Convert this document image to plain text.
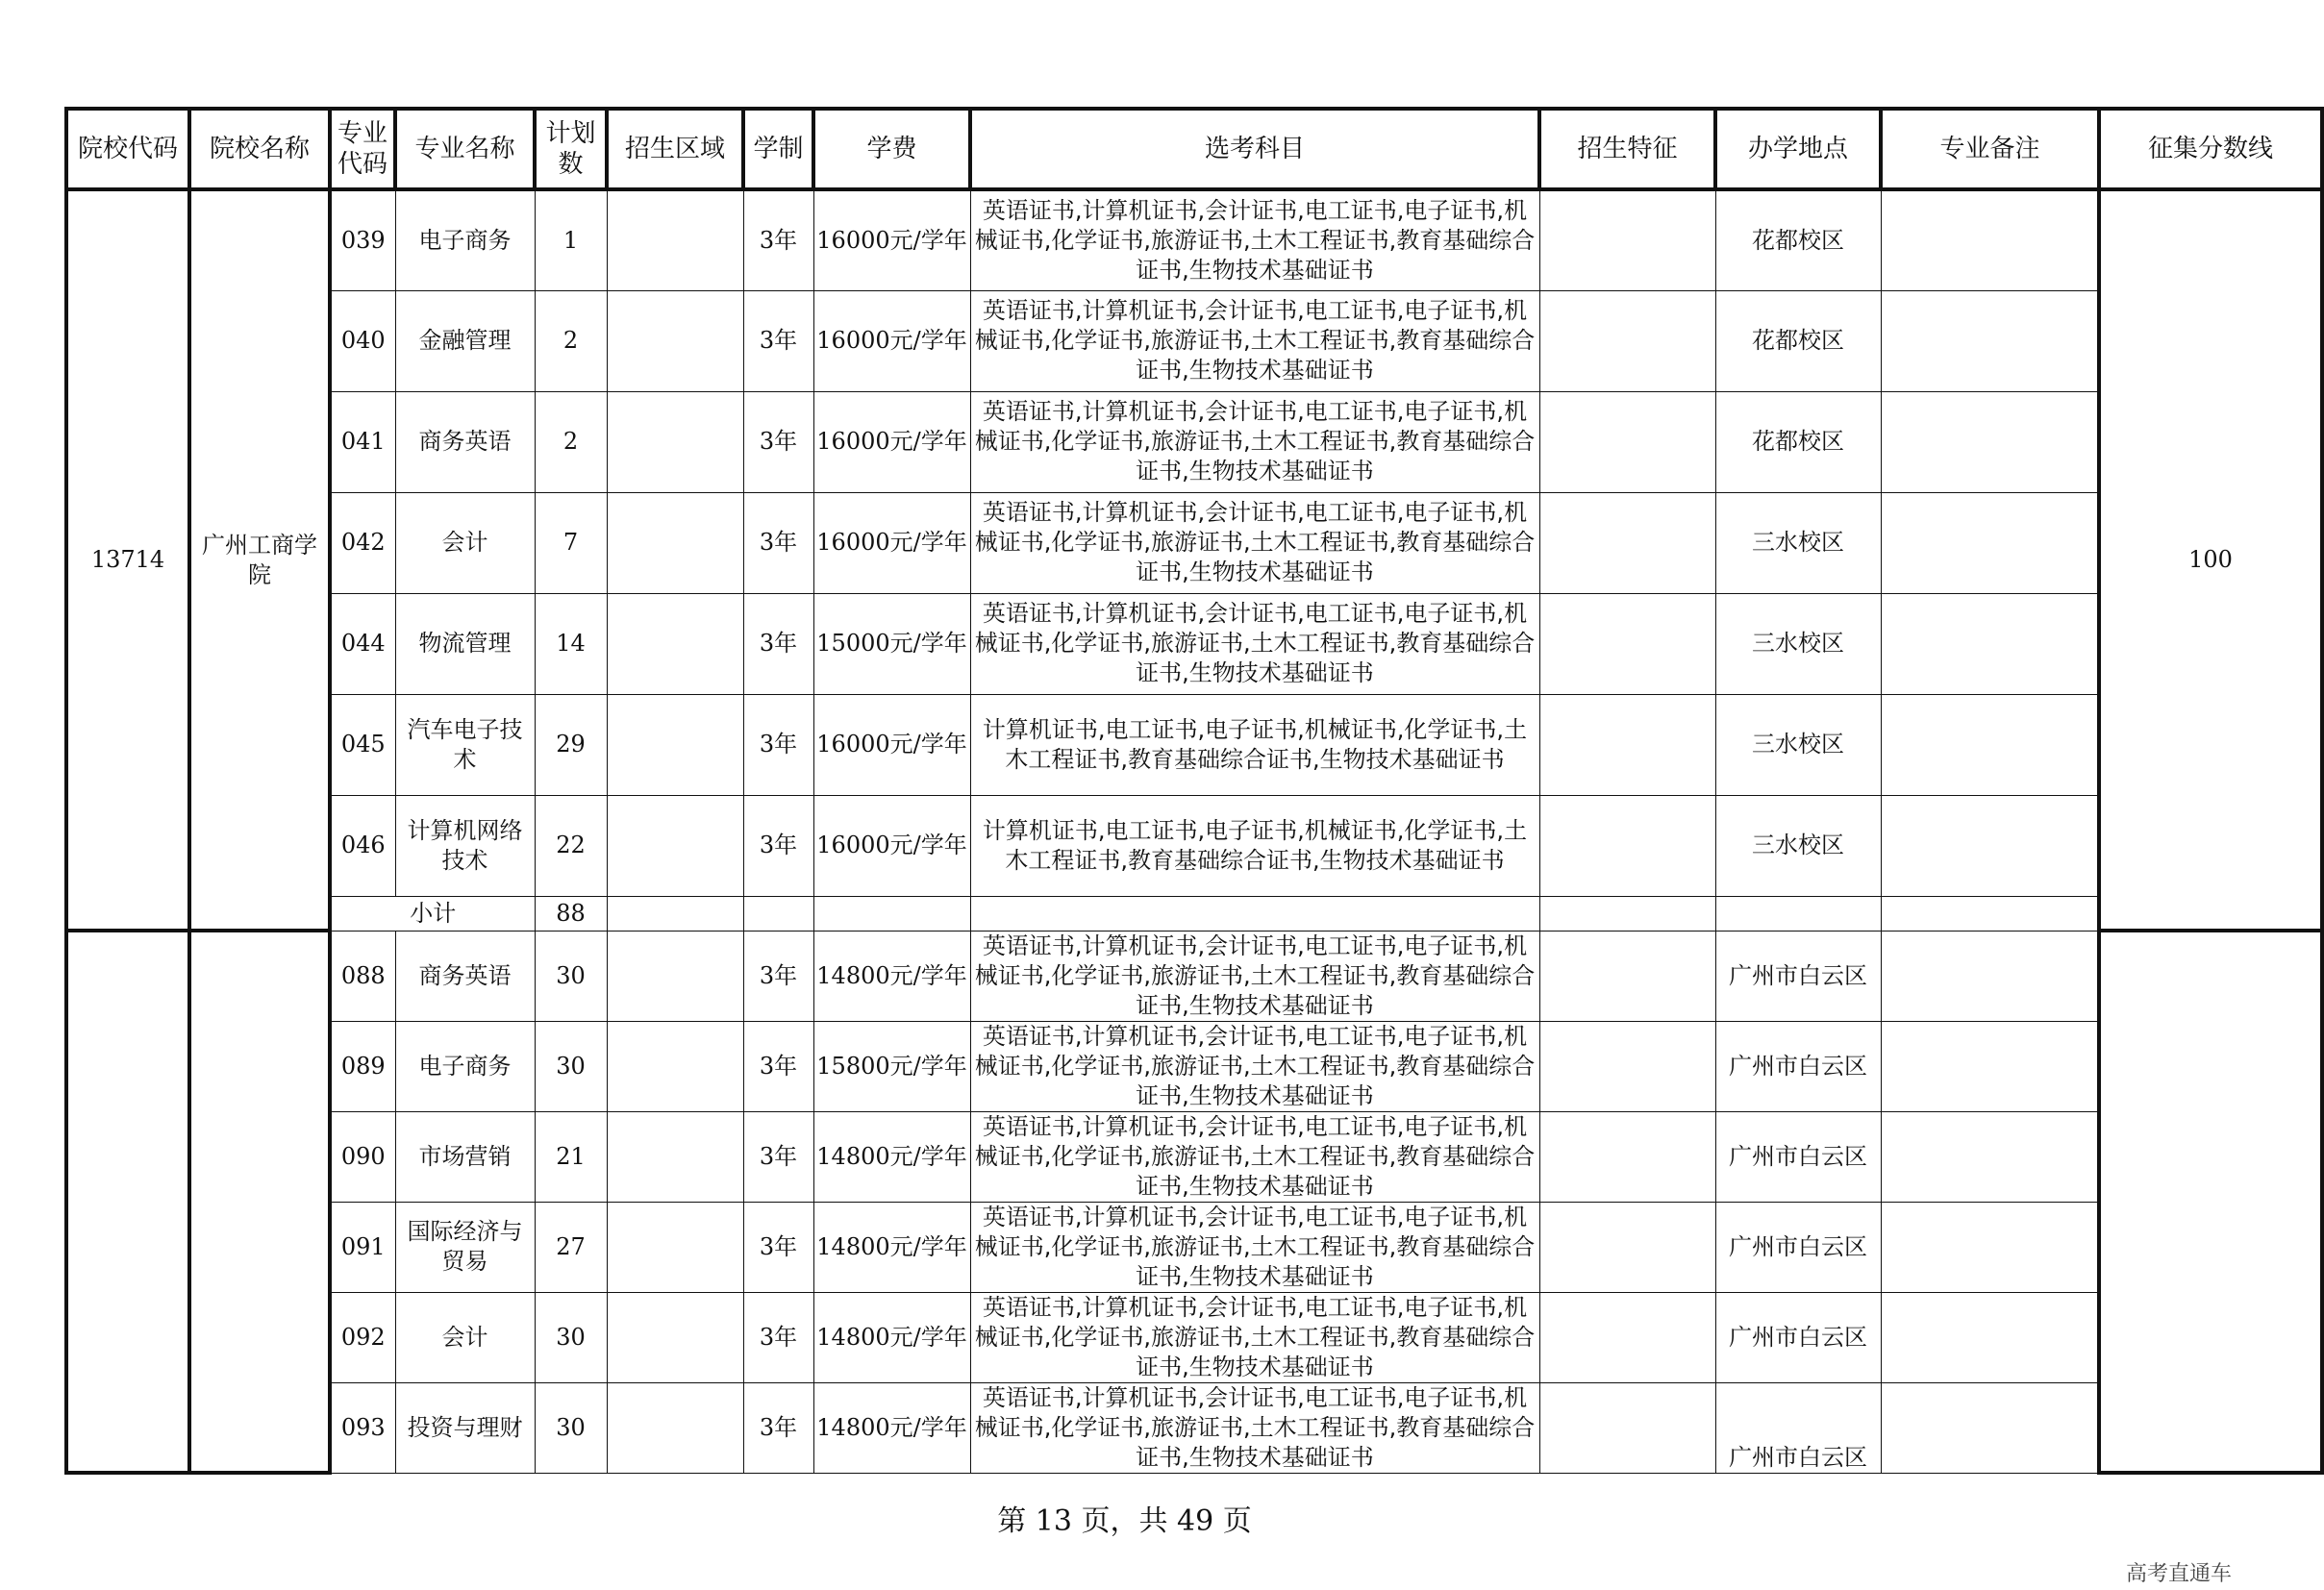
院校代码	院校名称	专业代码	专业名称	计划数	招生区域	学制	学费	选考科目	招生特征	办学地点	专业备注	征集分数线
13714	广州工商学院	039	电子商务	1		3年	16000元/学年	英语证书,计算机证书,会计证书,电工证书,电子证书,机械证书,化学证书,旅游证书,土木工程证书,教育基础综合证书,生物技术基础证书		花都校区		100
		040	金融管理	2		3年	16000元/学年	英语证书,计算机证书,会计证书,电工证书,电子证书,机械证书,化学证书,旅游证书,土木工程证书,教育基础综合证书,生物技术基础证书		花都校区		
		041	商务英语	2		3年	16000元/学年	英语证书,计算机证书,会计证书,电工证书,电子证书,机械证书,化学证书,旅游证书,土木工程证书,教育基础综合证书,生物技术基础证书		花都校区		
		042	会计	7		3年	16000元/学年	英语证书,计算机证书,会计证书,电工证书,电子证书,机械证书,化学证书,旅游证书,土木工程证书,教育基础综合证书,生物技术基础证书		三水校区		
		044	物流管理	14		3年	15000元/学年	英语证书,计算机证书,会计证书,电工证书,电子证书,机械证书,化学证书,旅游证书,土木工程证书,教育基础综合证书,生物技术基础证书		三水校区		
		045	汽车电子技术	29		3年	16000元/学年	计算机证书,电工证书,电子证书,机械证书,化学证书,土木工程证书,教育基础综合证书,生物技术基础证书		三水校区		
		046	计算机网络技术	22		3年	16000元/学年	计算机证书,电工证书,电子证书,机械证书,化学证书,土木工程证书,教育基础综合证书,生物技术基础证书		三水校区		
		小计		88								
		088	商务英语	30		3年	14800元/学年	英语证书,计算机证书,会计证书,电工证书,电子证书,机械证书,化学证书,旅游证书,土木工程证书,教育基础综合证书,生物技术基础证书		广州市白云区		
		089	电子商务	30		3年	15800元/学年	英语证书,计算机证书,会计证书,电工证书,电子证书,机械证书,化学证书,旅游证书,土木工程证书,教育基础综合证书,生物技术基础证书		广州市白云区		
		090	市场营销	21		3年	14800元/学年	英语证书,计算机证书,会计证书,电工证书,电子证书,机械证书,化学证书,旅游证书,土木工程证书,教育基础综合证书,生物技术基础证书		广州市白云区		
		091	国际经济与贸易	27		3年	14800元/学年	英语证书,计算机证书,会计证书,电工证书,电子证书,机械证书,化学证书,旅游证书,土木工程证书,教育基础综合证书,生物技术基础证书		广州市白云区		
		092	会计	30		3年	14800元/学年	英语证书,计算机证书,会计证书,电工证书,电子证书,机械证书,化学证书,旅游证书,土木工程证书,教育基础综合证书,生物技术基础证书		广州市白云区		
		093	投资与理财	30		3年	14800元/学年	英语证书,计算机证书,会计证书,电工证书,电子证书,机械证书,化学证书,旅游证书,土木工程证书,教育基础综合证书,生物技术基础证书		广州市白云区		
第 13 页，共 49 页
高考直通车
